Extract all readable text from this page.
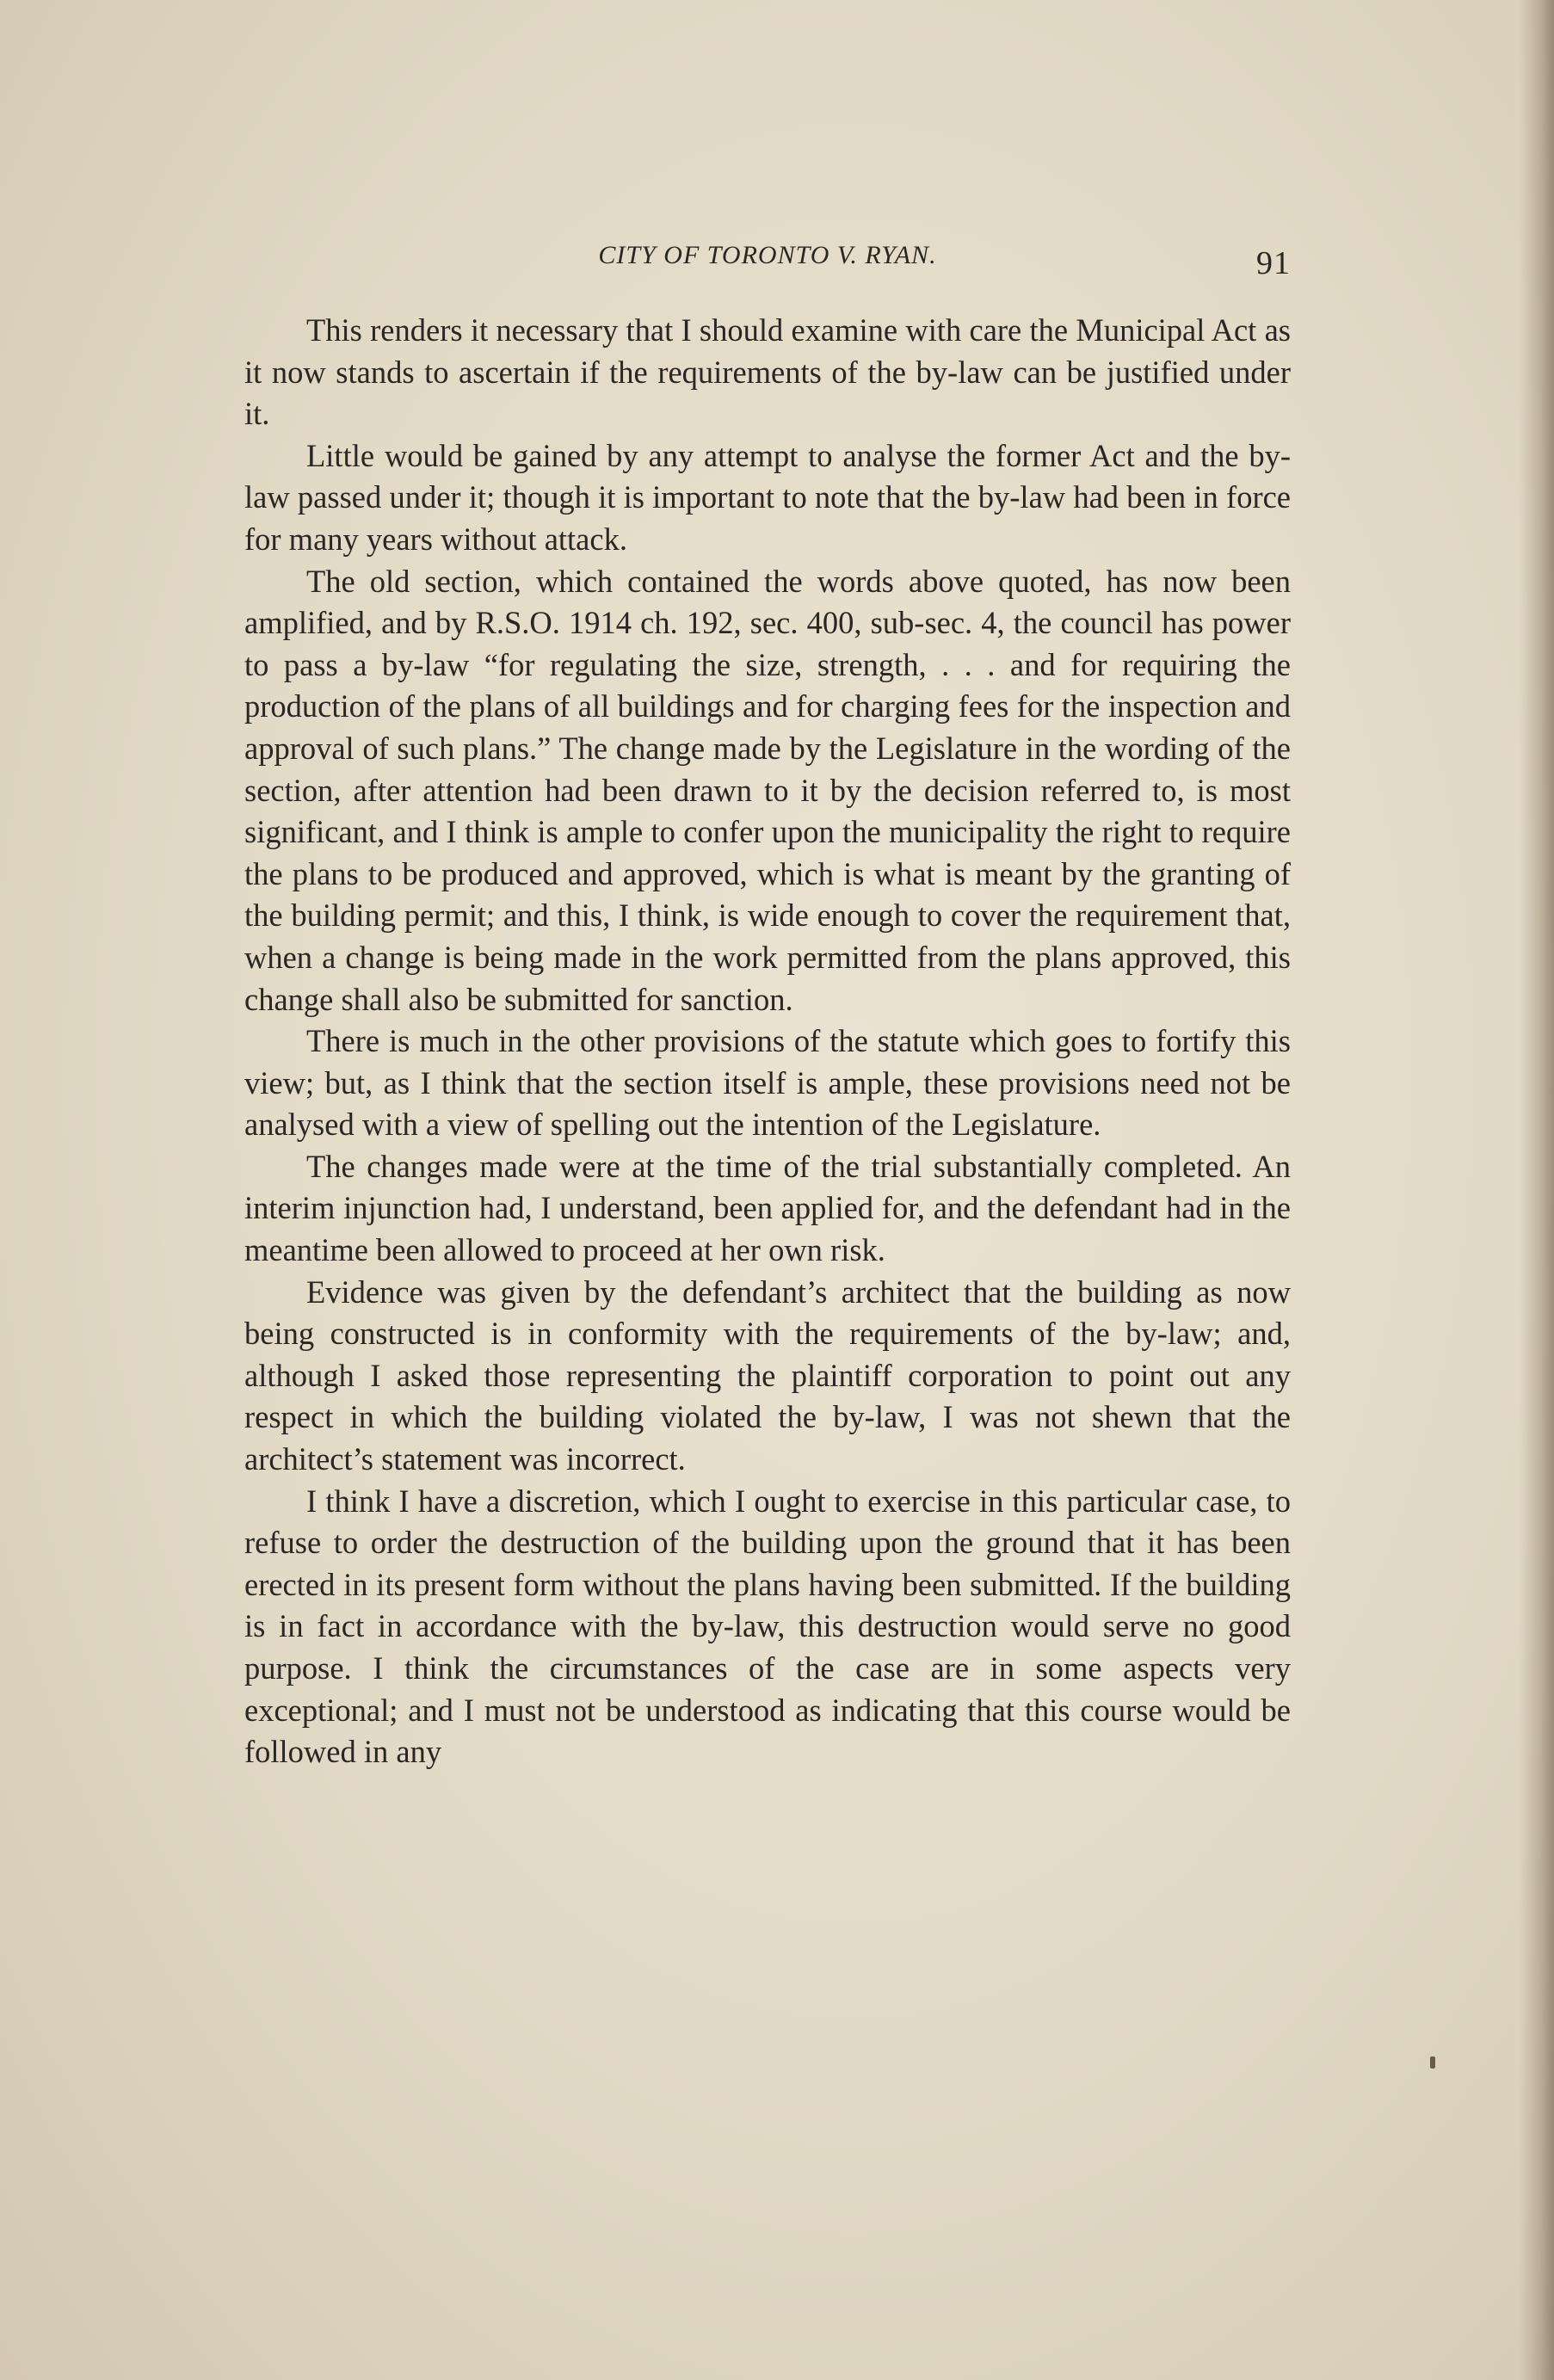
CITY OF TORONTO V. RYAN.	91

This renders it necessary that I should examine with care the Municipal Act as it now stands to ascertain if the requirements of the by-law can be justified under it.

Little would be gained by any attempt to analyse the former Act and the by-law passed under it; though it is important to note that the by-law had been in force for many years without attack.

The old section, which contained the words above quoted, has now been amplified, and by R.S.O. 1914 ch. 192, sec. 400, sub-sec. 4, the council has power to pass a by-law “for regulating the size, strength, . . . and for requiring the production of the plans of all buildings and for charging fees for the inspection and approval of such plans.” The change made by the Legislature in the wording of the section, after attention had been drawn to it by the decision referred to, is most significant, and I think is ample to confer upon the municipality the right to require the plans to be produced and approved, which is what is meant by the granting of the building permit; and this, I think, is wide enough to cover the requirement that, when a change is being made in the work permitted from the plans approved, this change shall also be submitted for sanction.

There is much in the other provisions of the statute which goes to fortify this view; but, as I think that the section itself is ample, these provisions need not be analysed with a view of spelling out the intention of the Legislature.

The changes made were at the time of the trial substantially completed. An interim injunction had, I understand, been applied for, and the defendant had in the meantime been allowed to proceed at her own risk.

Evidence was given by the defendant’s architect that the building as now being constructed is in conformity with the requirements of the by-law; and, although I asked those representing the plaintiff corporation to point out any respect in which the building violated the by-law, I was not shewn that the architect’s statement was incorrect.

I think I have a discretion, which I ought to exercise in this particular case, to refuse to order the destruction of the building upon the ground that it has been erected in its present form without the plans having been submitted. If the building is in fact in accordance with the by-law, this destruction would serve no good purpose. I think the circumstances of the case are in some aspects very exceptional; and I must not be understood as indicating that this course would be followed in any
